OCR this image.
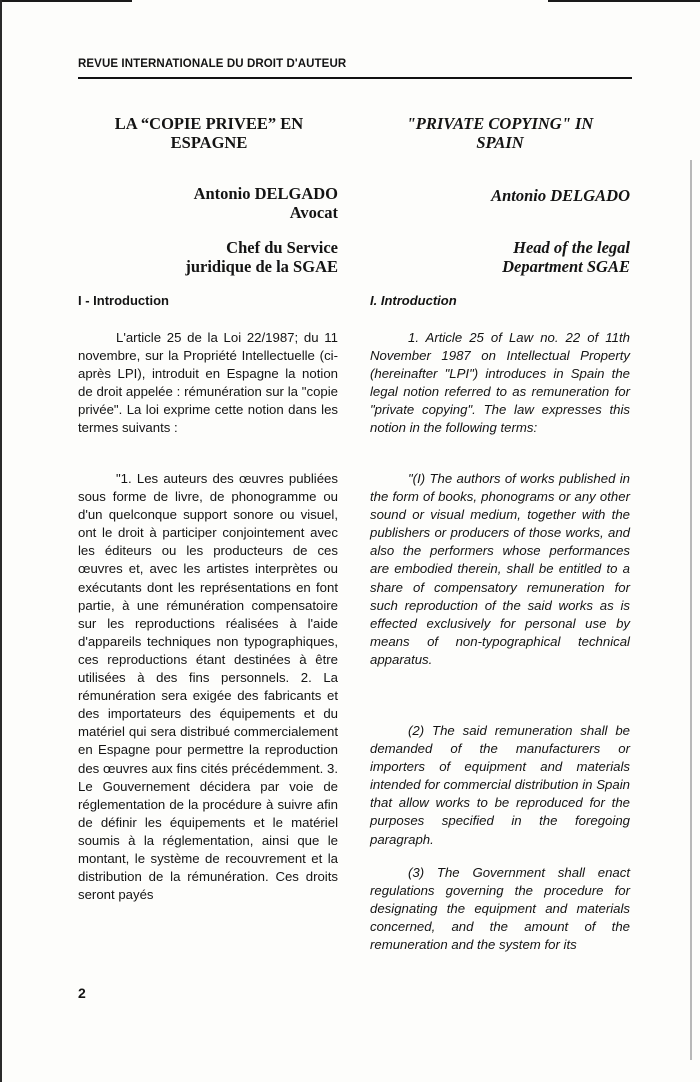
REVUE INTERNATIONALE DU DROIT D'AUTEUR
LA “COPIE PRIVEE” EN
ESPAGNE
Antonio DELGADO
Avocat
Chef du Service
juridique de la SGAE
I - Introduction

L'article 25 de la Loi 22/1987; du 11 novembre, sur la Propriété Intellectuelle (ci-après LPI), introduit en Espagne la notion de droit appelée : rémunération sur la "copie privée". La loi exprime cette notion dans les termes suivants :

"1. Les auteurs des œuvres publiées sous forme de livre, de phonogramme ou d'un quelconque support sonore ou visuel, ont le droit à participer conjointement avec les éditeurs ou les producteurs de ces œuvres et, avec les artistes interprètes ou exécutants dont les représentations en font partie, à une rémunération compensatoire sur les reproductions réalisées à l'aide d'appareils techniques non typographiques, ces reproductions étant destinées à être utilisées à des fins personnels. 2. La rémunération sera exigée des fabricants et des importateurs des équipements et du matériel qui sera distribué commercialement en Espagne pour permettre la reproduction des œuvres aux fins cités précédemment. 3. Le Gouvernement décidera par voie de réglementation de la procédure à suivre afin de définir les équipements et le matériel soumis à la réglementation, ainsi que le montant, le système de recouvrement et la distribution de la rémunération. Ces droits seront payés

"PRIVATE COPYING" IN
SPAIN
Antonio DELGADO
Head of the legal
Department SGAE
I. Introduction

1. Article 25 of Law no. 22 of 11th November 1987 on Intellectual Property (hereinafter "LPI") introduces in Spain the legal notion referred to as remuneration for "private copying". The law expresses this notion in the following terms:

"(I) The authors of works published in the form of books, phonograms or any other sound or visual medium, together with the publishers or producers of those works, and also the performers whose performances are embodied therein, shall be entitled to a share of compensatory remuneration for such reproduction of the said works as is effected exclusively for personal use by means of non-typographical technical apparatus.

(2) The said remuneration shall be demanded of the manufacturers or importers of equipment and materials intended for commercial distribution in Spain that allow works to be reproduced for the purposes specified in the foregoing paragraph.

(3) The Government shall enact regulations governing the procedure for designating the equipment and materials concerned, and the amount of the remuneration and the system for its

2
